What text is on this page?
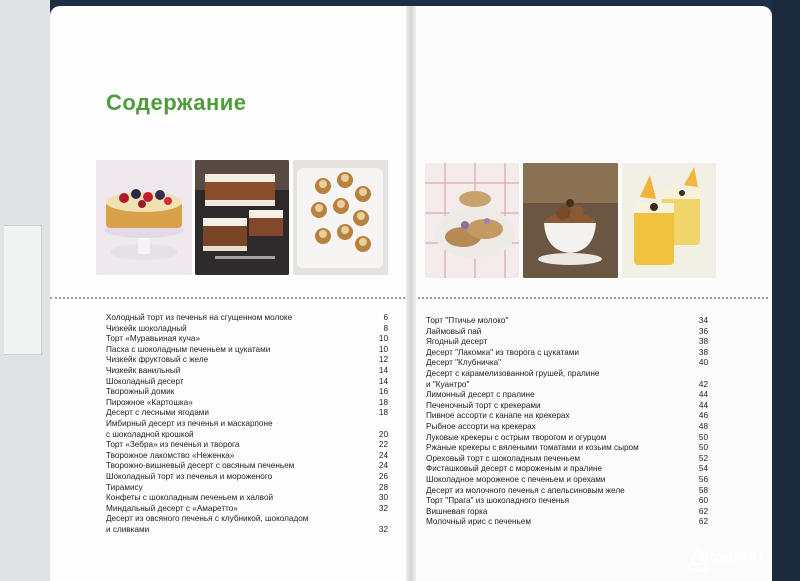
Содержание
Холодный торт из печенья на сгущенном молоке	6
Чизкейк шоколадный	8
Торт «Муравьиная куча»	10
Пасха с шоколадным печеньем и цукатами	10
Чизкейк фруктовый с желе	12
Чизкейк ванильный	14
Шоколадный десерт	14
Творожный домик	16
Пирожное «Картошка»	18
Десерт с лесными ягодами	18
Имбирный десерт из печенья и маскарпоне
с шоколадной крошкой	20
Торт «Зебра» из печенья и творога	22
Творожное лакомство «Неженка»	24
Творожно-вишневый десерт с овсяным печеньем	24
Шоколадный торт из печенья и мороженого	26
Тирамису	28
Конфеты с шоколадным печеньем и халвой	30
Миндальный десерт с «Амаретто»	32
Десерт из овсяного печенья с клубникой, шоколадом
и сливками	32
Торт "Птичье молоко"	34
Лаймовый пай	36
Ягодный десерт	38
Десерт "Лакомка" из творога с цукатами	38
Десерт "Клубничка"	40
Десерт с карамелизованной грушей, пралине
и "Куантро"	42
Лимонный десерт с пралине	44
Печеночный торт с крекерами	44
Пивное ассорти с канапе на крекерах	46
Рыбное ассорти на крекерах	48
Луковые крекеры с острым творогом и огурцом	50
Ржаные крекеры с вялеными томатами и козьим сыром	50
Ореховый торт с шоколадным печеньем	52
Фисташковый десерт с мороженым и пралине	54
Шоколадное мороженое с печеньем и орехами	56
Десерт из молочного печенья с апельсиновым желе	58
Торт "Прага" из шоколадного печенья	60
Вишневая горка	62
Молочный ирис с печеньем	62
абиринт
